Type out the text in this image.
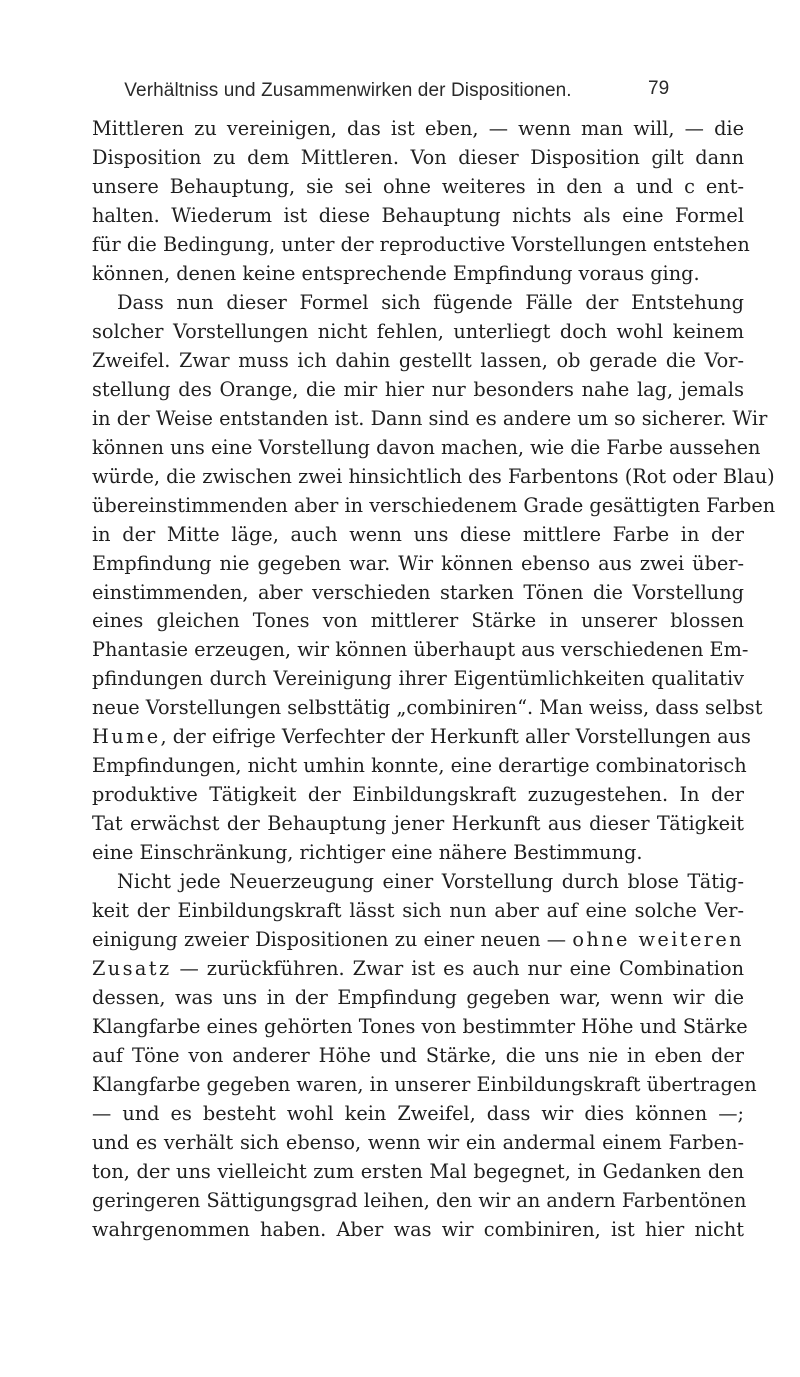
Verhältniss und Zusammenwirken der Dispositionen.	79
Mittleren zu vereinigen, das ist eben, — wenn man will, — die
Disposition zu dem Mittleren. Von dieser Disposition gilt dann
unsere Behauptung, sie sei ohne weiteres in den a und c ent-
halten. Wiederum ist diese Behauptung nichts als eine Formel
für die Bedingung, unter der reproductive Vorstellungen entstehen
können, denen keine entsprechende Empfindung voraus ging.
Dass nun dieser Formel sich fügende Fälle der Entstehung
solcher Vorstellungen nicht fehlen, unterliegt doch wohl keinem
Zweifel. Zwar muss ich dahin gestellt lassen, ob gerade die Vor-
stellung des Orange, die mir hier nur besonders nahe lag, jemals
in der Weise entstanden ist. Dann sind es andere um so sicherer. Wir
können uns eine Vorstellung davon machen, wie die Farbe aussehen
würde, die zwischen zwei hinsichtlich des Farbentons (Rot oder Blau)
übereinstimmenden aber in verschiedenem Grade gesättigten Farben
in der Mitte läge, auch wenn uns diese mittlere Farbe in der
Empfindung nie gegeben war. Wir können ebenso aus zwei über-
einstimmenden, aber verschieden starken Tönen die Vorstellung
eines gleichen Tones von mittlerer Stärke in unserer blossen
Phantasie erzeugen, wir können überhaupt aus verschiedenen Em-
pfindungen durch Vereinigung ihrer Eigentümlichkeiten qualitativ
neue Vorstellungen selbsttätig „combiniren“. Man weiss, dass selbst
Hume, der eifrige Verfechter der Herkunft aller Vorstellungen aus
Empfindungen, nicht umhin konnte, eine derartige combinatorisch
produktive Tätigkeit der Einbildungskraft zuzugestehen. In der
Tat erwächst der Behauptung jener Herkunft aus dieser Tätigkeit
eine Einschränkung, richtiger eine nähere Bestimmung.
Nicht jede Neuerzeugung einer Vorstellung durch blose Tätig-
keit der Einbildungskraft lässt sich nun aber auf eine solche Ver-
einigung zweier Dispositionen zu einer neuen — ohne weiteren
Zusatz — zurückführen. Zwar ist es auch nur eine Combination
dessen, was uns in der Empfindung gegeben war, wenn wir die
Klangfarbe eines gehörten Tones von bestimmter Höhe und Stärke
auf Töne von anderer Höhe und Stärke, die uns nie in eben der
Klangfarbe gegeben waren, in unserer Einbildungskraft übertragen
— und es besteht wohl kein Zweifel, dass wir dies können —;
und es verhält sich ebenso, wenn wir ein andermal einem Farben-
ton, der uns vielleicht zum ersten Mal begegnet, in Gedanken den
geringeren Sättigungsgrad leihen, den wir an andern Farbentönen
wahrgenommen haben. Aber was wir combiniren, ist hier nicht
